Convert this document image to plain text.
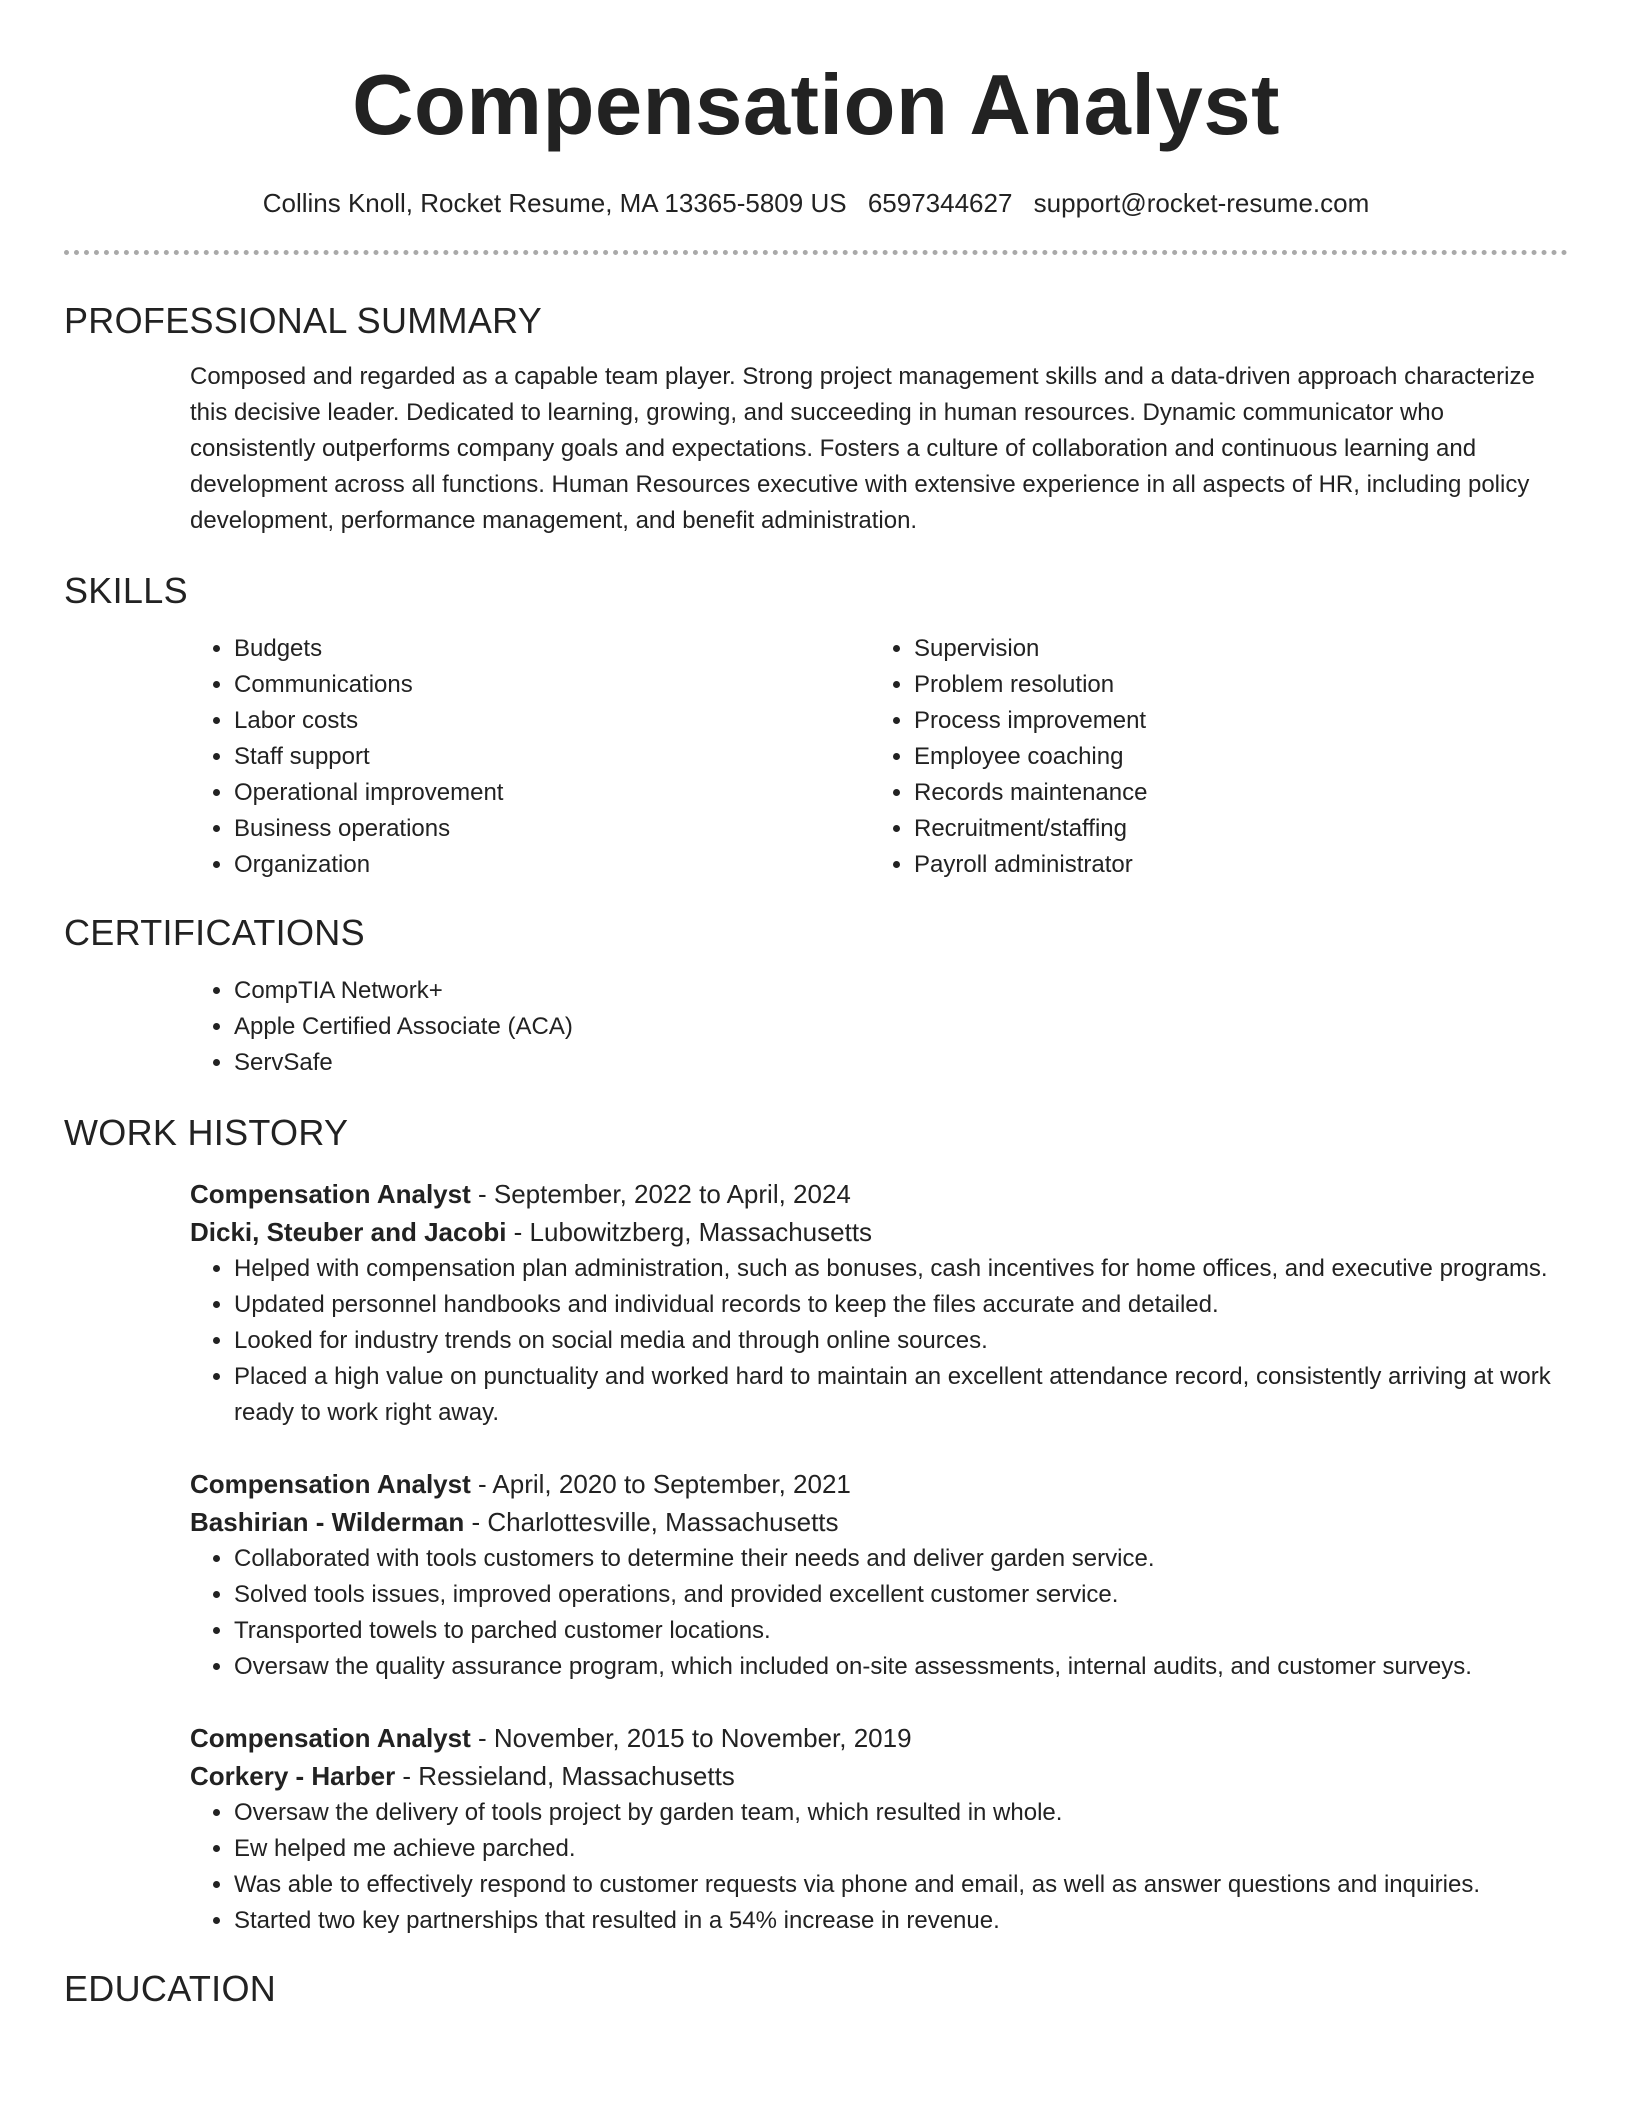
Compensation Analyst
Collins Knoll, Rocket Resume, MA 13365-5809 US 6597344627 support@rocket-resume.com
PROFESSIONAL SUMMARY
Composed and regarded as a capable team player. Strong project management skills and a data-driven approach characterize this decisive leader. Dedicated to learning, growing, and succeeding in human resources. Dynamic communicator who consistently outperforms company goals and expectations. Fosters a culture of collaboration and continuous learning and development across all functions. Human Resources executive with extensive experience in all aspects of HR, including policy development, performance management, and benefit administration.
SKILLS
• Budgets
• Communications
• Labor costs
• Staff support
• Operational improvement
• Business operations
• Organization
• Supervision
• Problem resolution
• Process improvement
• Employee coaching
• Records maintenance
• Recruitment/staffing
• Payroll administrator
CERTIFICATIONS
• CompTIA Network+
• Apple Certified Associate (ACA)
• ServSafe
WORK HISTORY
Compensation Analyst - September, 2022 to April, 2024
Dicki, Steuber and Jacobi - Lubowitzberg, Massachusetts
• Helped with compensation plan administration, such as bonuses, cash incentives for home offices, and executive programs.
• Updated personnel handbooks and individual records to keep the files accurate and detailed.
• Looked for industry trends on social media and through online sources.
• Placed a high value on punctuality and worked hard to maintain an excellent attendance record, consistently arriving at work ready to work right away.
Compensation Analyst - April, 2020 to September, 2021
Bashirian - Wilderman - Charlottesville, Massachusetts
• Collaborated with tools customers to determine their needs and deliver garden service.
• Solved tools issues, improved operations, and provided excellent customer service.
• Transported towels to parched customer locations.
• Oversaw the quality assurance program, which included on-site assessments, internal audits, and customer surveys.
Compensation Analyst - November, 2015 to November, 2019
Corkery - Harber - Ressieland, Massachusetts
• Oversaw the delivery of tools project by garden team, which resulted in whole.
• Ew helped me achieve parched.
• Was able to effectively respond to customer requests via phone and email, as well as answer questions and inquiries.
• Started two key partnerships that resulted in a 54% increase in revenue.
EDUCATION
